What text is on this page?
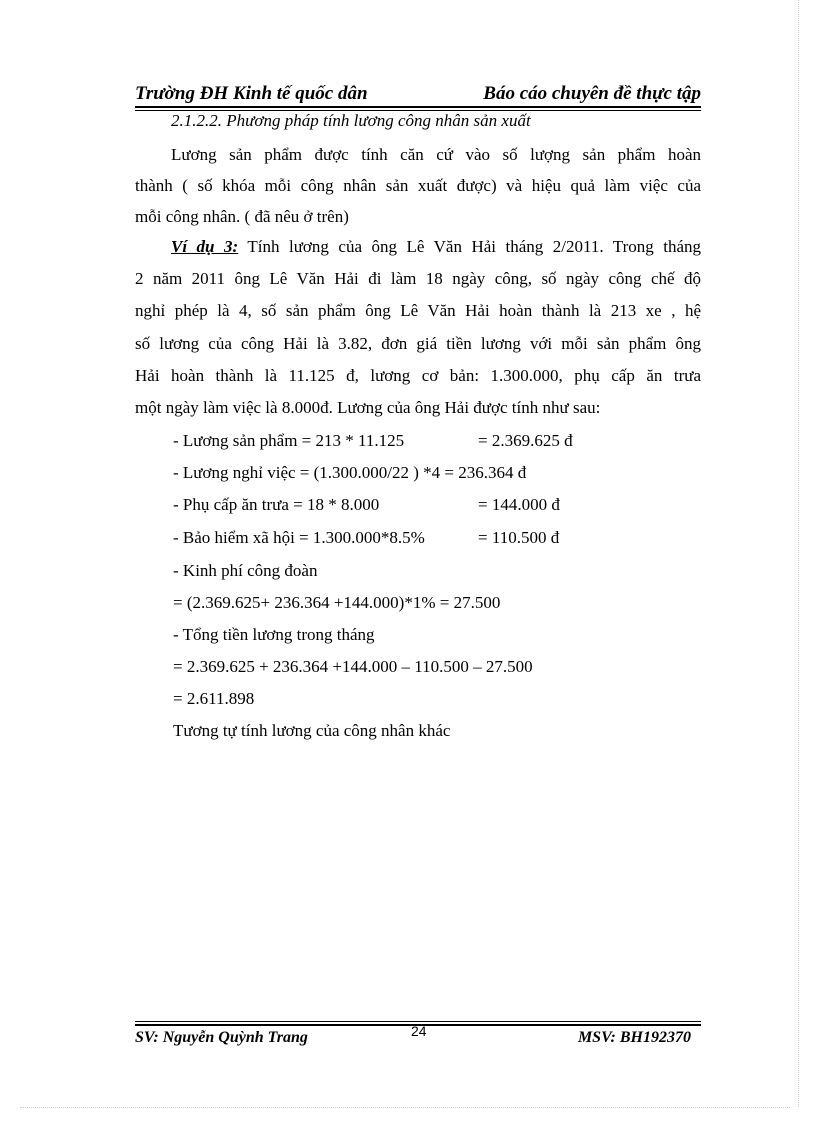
Trường ĐH Kinh tế quốc dân	Báo cáo chuyên đề thực tập
2.1.2.2. Phương pháp tính lương công nhân sản xuất
Lương sản phẩm được tính căn cứ vào số lượng sản phẩm hoàn
thành ( số khóa mỗi công nhân sản xuất được) và hiệu quả làm việc của
mỗi công nhân. ( đã nêu ở trên)
Ví dụ 3: Tính lương của ông Lê Văn Hải tháng 2/2011. Trong tháng
2 năm 2011 ông Lê Văn Hải đi làm 18 ngày công, số ngày công chế độ
nghỉ phép là 4, số sản phẩm ông Lê Văn Hải hoàn thành là 213 xe , hệ
số lương của công Hải là 3.82, đơn giá tiền lương với mỗi sản phẩm ông
Hải hoàn thành là 11.125 đ, lương cơ bản: 1.300.000, phụ cấp ăn trưa
một ngày làm việc là 8.000đ. Lương của ông Hải được tính như sau:
- Lương sản phẩm = 213 * 11.125	= 2.369.625 đ
- Lương nghỉ việc = (1.300.000/22 ) *4 = 236.364 đ
- Phụ cấp ăn trưa = 18 * 8.000	= 144.000 đ
- Bảo hiểm xã hội = 1.300.000*8.5%	= 110.500 đ
- Kinh phí công đoàn
= (2.369.625+ 236.364 +144.000)*1% = 27.500
- Tổng tiền lương trong tháng
= 2.369.625 + 236.364 +144.000 – 110.500 – 27.500
= 2.611.898
Tương tự tính lương của công nhân khác
SV: Nguyễn Quỳnh Trang	24	MSV: BH192370
